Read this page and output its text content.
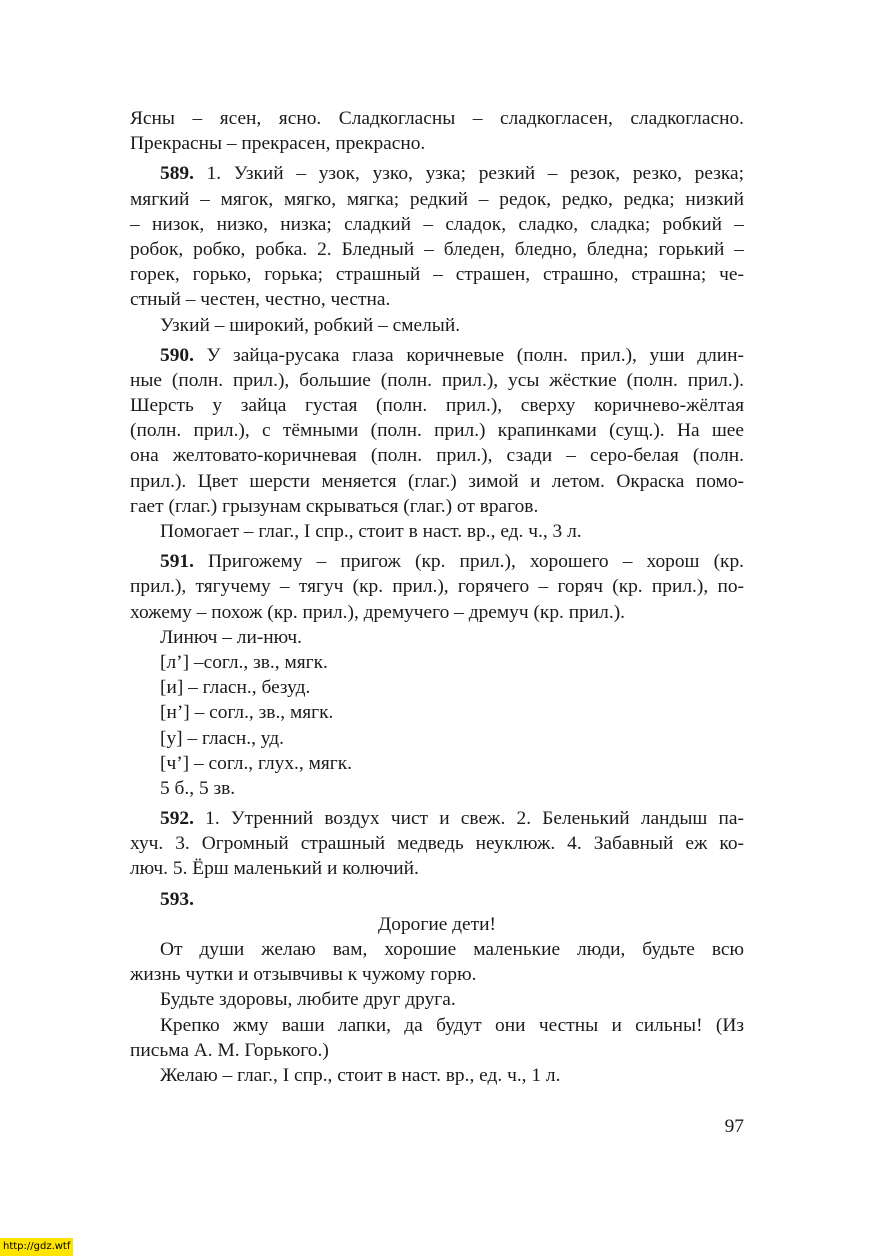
Ясны – ясен, ясно. Сладкогласны – сладкогласен, сладкогласно.
Прекрасны – прекрасен, прекрасно.
589. 1. Узкий – узок, узко, узка; резкий – резок, резко, резка;
мягкий – мягок, мягко, мягка; редкий – редок, редко, редка; низкий
– низок, низко, низка; сладкий – сладок, сладко, сладка; робкий –
робок, робко, робка. 2. Бледный – бледен, бледно, бледна; горький –
горек, горько, горька; страшный – страшен, страшно, страшна; че-
стный – честен, честно, честна.
Узкий – широкий, робкий – смелый.
590. У зайца-русака глаза коричневые (полн. прил.), уши длин-
ные (полн. прил.), большие (полн. прил.), усы жёсткие (полн. прил.).
Шерсть у зайца густая (полн. прил.), сверху коричнево-жёлтая
(полн. прил.), с тёмными (полн. прил.) крапинками (сущ.). На шее
она желтовато-коричневая (полн. прил.), сзади – серо-белая (полн.
прил.). Цвет шерсти меняется (глаг.) зимой и летом. Окраска помо-
гает (глаг.) грызунам скрываться (глаг.) от врагов.
Помогает – глаг., I спр., стоит в наст. вр., ед. ч., 3 л.
591. Пригожему – пригож (кр. прил.), хорошего – хорош (кр.
прил.), тягучему – тягуч (кр. прил.), горячего – горяч (кр. прил.), по-
хожему – похож (кр. прил.), дремучего – дремуч (кр. прил.).
Линюч – ли-нюч.
[л’] –согл., зв., мягк.
[и] – гласн., безуд.
[н’] – согл., зв., мягк.
[у] – гласн., уд.
[ч’] – согл., глух., мягк.
5 б., 5 зв.
592. 1. Утренний воздух чист и свеж. 2. Беленький ландыш па-
хуч. 3. Огромный страшный медведь неуклюж. 4. Забавный еж ко-
люч. 5. Ёрш маленький и колючий.
593.
Дорогие дети!
От души желаю вам, хорошие маленькие люди, будьте всю
жизнь чутки и отзывчивы к чужому горю.
Будьте здоровы, любите друг друга.
Крепко жму ваши лапки, да будут они честны и сильны! (Из
письма А. М. Горького.)
Желаю – глаг., I спр., стоит в наст. вр., ед. ч., 1 л.
97
http://gdz.wtf
